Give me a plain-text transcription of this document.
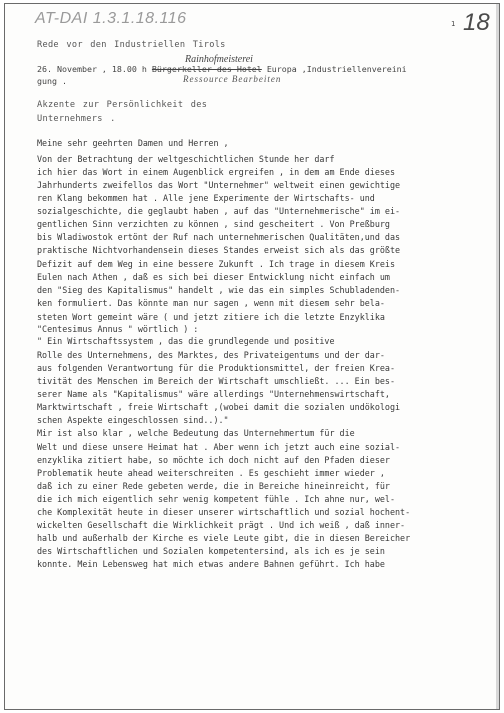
AT-DAI 1.3.1.18.116	1 18
Rede vor den Industriellen Tirols
Rainhofmeisterei
26. November , 18.00 h Bürgerkeller des Hotel Europa ,Industriellenvereini
gung .	Ressource Bearbeiten
Akzente zur Persönlichkeit des
Unternehmers .
Meine sehr geehrten Damen und Herren ,
Von der Betrachtung der weltgeschichtlichen Stunde her darf
ich hier das Wort in einem Augenblick ergreifen , in dem am Ende dieses
Jahrhunderts zweifellos das Wort "Unternehmer" weltweit einen gewichtige
ren Klang bekommen hat . Alle jene Experimente der Wirtschafts- und
sozialgeschichte, die geglaubt haben , auf das "Unternehmerische" im ei-
gentlichen Sinn verzichten zu können , sind gescheitert . Von Preßburg
bis Wladiwostok ertönt der Ruf nach unternehmerischen Qualitäten,und das
praktische Nichtvorhandensein dieses Standes erweist sich als das größte
Defizit auf dem Weg in eine bessere Zukunft . Ich trage in diesem Kreis
Eulen nach Athen , daß es sich bei dieser Entwicklung nicht einfach um
den "Sieg des Kapitalismus" handelt , wie das ein simples Schubladenden-
ken formuliert. Das könnte man nur sagen , wenn mit diesem sehr bela-
steten Wort gemeint wäre ( und jetzt zitiere ich die letzte Enzyklika
"Centesimus Annus " wörtlich ) :
" Ein Wirtschaftssystem , das die grundlegende und positive
Rolle des Unternehmens, des Marktes, des Privateigentums und der dar-
aus folgenden Verantwortung für die Produktionsmittel, der freien Krea-
tivität des Menschen im Bereich der Wirtschaft umschließt. ... Ein bes-
serer Name als "Kapitalismus" wäre allerdings "Unternehmenswirtschaft,
Marktwirtschaft , freie Wirtschaft ,(wobei damit die sozialen undökologi
schen Aspekte eingeschlossen sind..)."
Mir ist also klar , welche Bedeutung das Unternehmertum für die
Welt und diese unsere Heimat hat . Aber wenn ich jetzt auch eine sozial-
enzyklika zitiert habe, so möchte ich doch nicht auf den Pfaden dieser
Problematik heute ahead weiterschreiten . Es geschieht immer wieder ,
daß ich zu einer Rede gebeten werde, die in Bereiche hineinreicht, für
die ich mich eigentlich sehr wenig kompetent fühle . Ich ahne nur, wel-
che Komplexität heute in dieser unserer wirtschaftlich und sozial hochent-
wickelten Gesellschaft die Wirklichkeit prägt . Und ich weiß , daß inner-
halb und außerhalb der Kirche es viele Leute gibt, die in diesen Bereicher
des Wirtschaftlichen und Sozialen kompetentersind, als ich es je sein
konnte. Mein Lebensweg hat mich etwas andere Bahnen geführt. Ich habe
